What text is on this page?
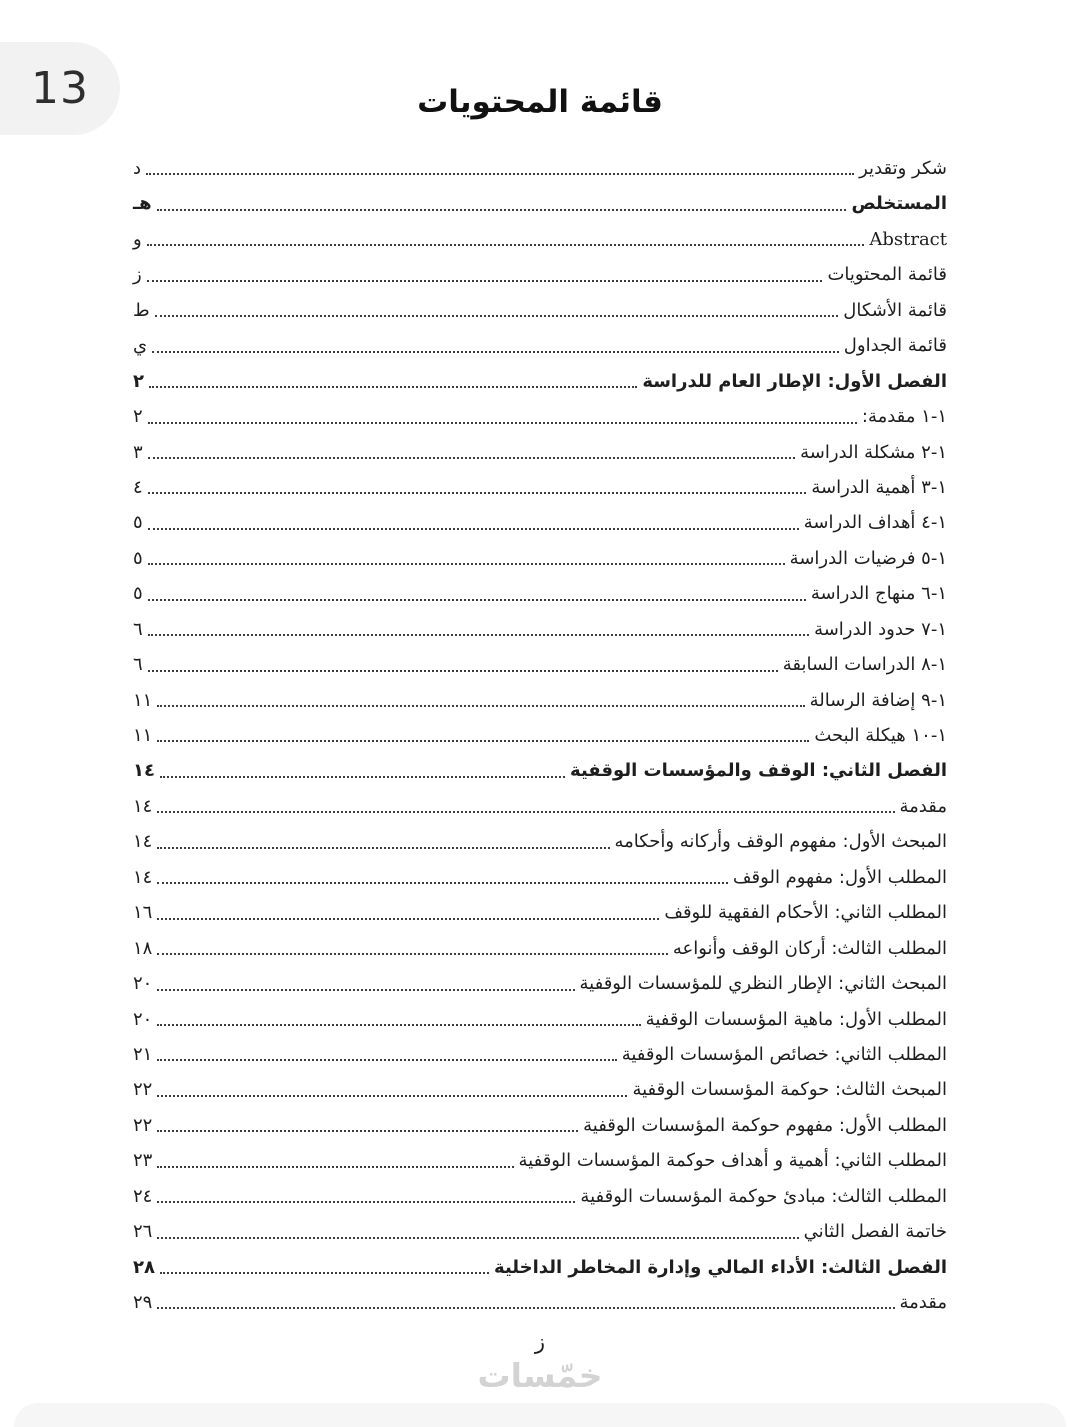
13	قائمة المحتويات
شكر وتقدير
د
المستخلص
هـ
Abstract
و
قائمة المحتويات
ز
قائمة الأشكال
ط
قائمة الجداول
ي
الفصل الأول: الإطار العام للدراسة
٢
١-١ مقدمة:
٢
١-٢ مشكلة الدراسة
٣
١-٣ أهمية الدراسة
٤
١-٤ أهداف الدراسة
٥
١-٥ فرضيات الدراسة
٥
١-٦ منهاج الدراسة
٥
١-٧ حدود الدراسة
٦
١-٨ الدراسات السابقة
٦
١-٩ إضافة الرسالة
١١
١-١٠ هيكلة البحث
١١
الفصل الثاني: الوقف والمؤسسات الوقفية
١٤
مقدمة
١٤
المبحث الأول: مفهوم الوقف وأركانه وأحكامه
١٤
المطلب الأول: مفهوم الوقف
١٤
المطلب الثاني: الأحكام الفقهية للوقف
١٦
المطلب الثالث: أركان الوقف وأنواعه
١٨
المبحث الثاني: الإطار النظري للمؤسسات الوقفية
٢٠
المطلب الأول: ماهية المؤسسات الوقفية
٢٠
المطلب الثاني: خصائص المؤسسات الوقفية
٢١
المبحث الثالث: حوكمة المؤسسات الوقفية
٢٢
المطلب الأول: مفهوم حوكمة المؤسسات الوقفية
٢٢
المطلب الثاني: أهمية و أهداف حوكمة المؤسسات الوقفية
٢٣
المطلب الثالث: مبادئ حوكمة المؤسسات الوقفية
٢٤
خاتمة الفصل الثاني
٢٦
الفصل الثالث: الأداء المالي وإدارة المخاطر الداخلية
٢٨
مقدمة
٢٩
ز
خمّسات
